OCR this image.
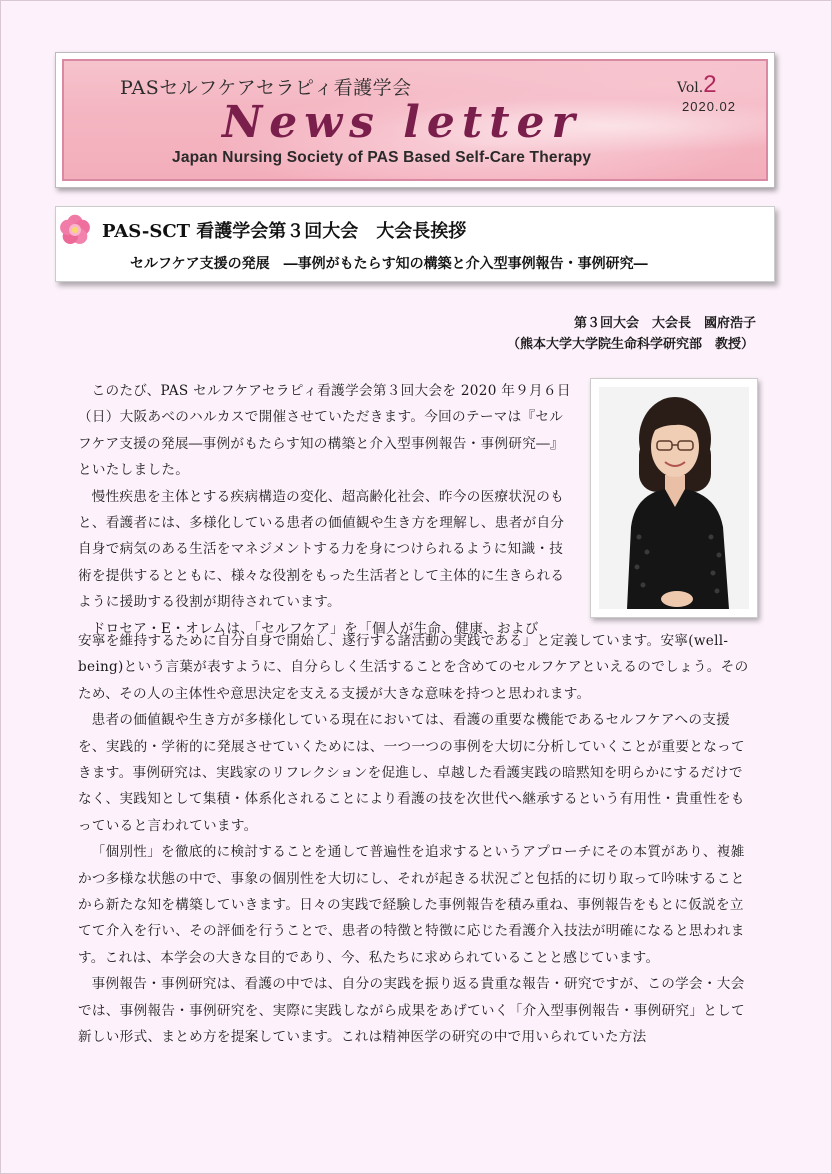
PASセルフケアセラピィ看護学会
News letter
Japan Nursing Society of PAS Based Self-Care Therapy
Vol.2
2020.02
PAS-SCT 看護学会第３回大会　大会長挨拶
セルフケア支援の発展　―事例がもたらす知の構築と介入型事例報告・事例研究―
第３回大会　大会長　國府浩子
（熊本大学大学院生命科学研究部　教授）

このたび、PAS セルフケアセラピィ看護学会第３回大会を 2020 年９月６日（日）大阪あべのハルカスで開催させていただきます。今回のテーマは『セルフケア支援の発展―事例がもたらす知の構築と介入型事例報告・事例研究―』といたしました。

慢性疾患を主体とする疾病構造の変化、超高齢化社会、昨今の医療状況のもと、看護者には、多様化している患者の価値観や生き方を理解し、患者が自分自身で病気のある生活をマネジメントする力を身につけられるように知識・技術を提供するとともに、様々な役割をもった生活者として主体的に生きられるように援助する役割が期待されています。

ドロセア・E・オレムは、「セルフケア」を「個人が生命、健康、および

安寧を維持するために自分自身で開始し、遂行する諸活動の実践である」と定義しています。安寧(well-being)という言葉が表すように、自分らしく生活することを含めてのセルフケアといえるのでしょう。そのため、その人の主体性や意思決定を支える支援が大きな意味を持つと思われます。

患者の価値観や生き方が多様化している現在においては、看護の重要な機能であるセルフケアへの支援を、実践的・学術的に発展させていくためには、一つ一つの事例を大切に分析していくことが重要となってきます。事例研究は、実践家のリフレクションを促進し、卓越した看護実践の暗黙知を明らかにするだけでなく、実践知として集積・体系化されることにより看護の技を次世代へ継承するという有用性・貴重性をもっていると言われています。

「個別性」を徹底的に検討することを通して普遍性を追求するというアプローチにその本質があり、複雑かつ多様な状態の中で、事象の個別性を大切にし、それが起きる状況ごと包括的に切り取って吟味することから新たな知を構築していきます。日々の実践で経験した事例報告を積み重ね、事例報告をもとに仮説を立てて介入を行い、その評価を行うことで、患者の特徴と特徴に応じた看護介入技法が明確になると思われます。これは、本学会の大きな目的であり、今、私たちに求められていることと感じています。

事例報告・事例研究は、看護の中では、自分の実践を振り返る貴重な報告・研究ですが、この学会・大会では、事例報告・事例研究を、実際に実践しながら成果をあげていく「介入型事例報告・事例研究」として新しい形式、まとめ方を提案しています。これは精神医学の研究の中で用いられていた方法
